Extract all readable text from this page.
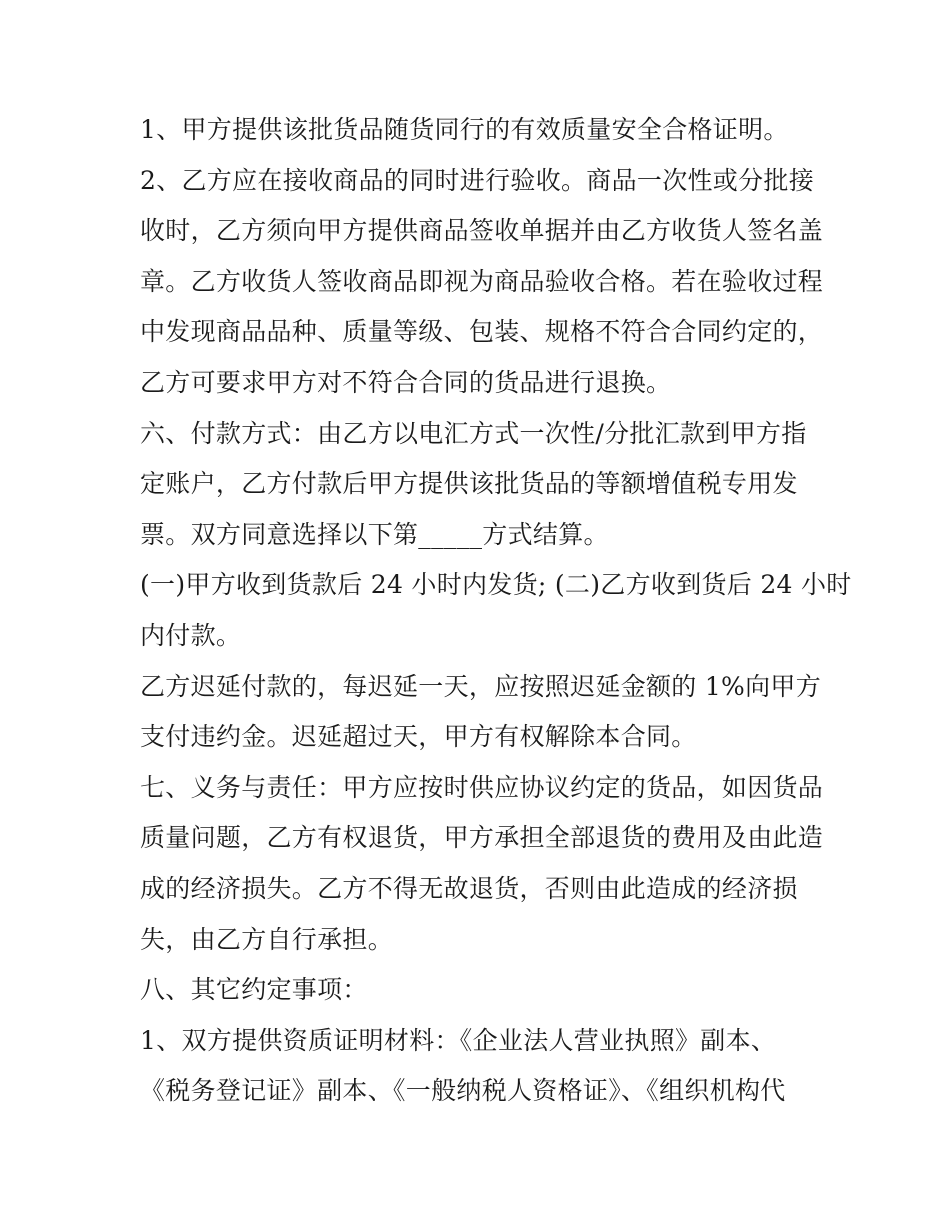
1、甲方提供该批货品随货同行的有效质量安全合格证明。
2、乙方应在接收商品的同时进行验收。商品一次性或分批接
收时，乙方须向甲方提供商品签收单据并由乙方收货人签名盖
章。乙方收货人签收商品即视为商品验收合格。若在验收过程
中发现商品品种、质量等级、包装、规格不符合合同约定的，
乙方可要求甲方对不符合合同的货品进行退换。
六、付款方式：由乙方以电汇方式一次性/分批汇款到甲方指
定账户，乙方付款后甲方提供该批货品的等额增值税专用发
票。双方同意选择以下第_____方式结算。
(一)甲方收到货款后 24 小时内发货; (二)乙方收到货后 24 小时
内付款。
乙方迟延付款的，每迟延一天，应按照迟延金额的 1%向甲方
支付违约金。迟延超过天，甲方有权解除本合同。
七、义务与责任：甲方应按时供应协议约定的货品，如因货品
质量问题，乙方有权退货，甲方承担全部退货的费用及由此造
成的经济损失。乙方不得无故退货，否则由此造成的经济损
失，由乙方自行承担。
八、其它约定事项：
1、双方提供资质证明材料：《企业法人营业执照》副本、
《税务登记证》副本、《一般纳税人资格证》、《组织机构代
